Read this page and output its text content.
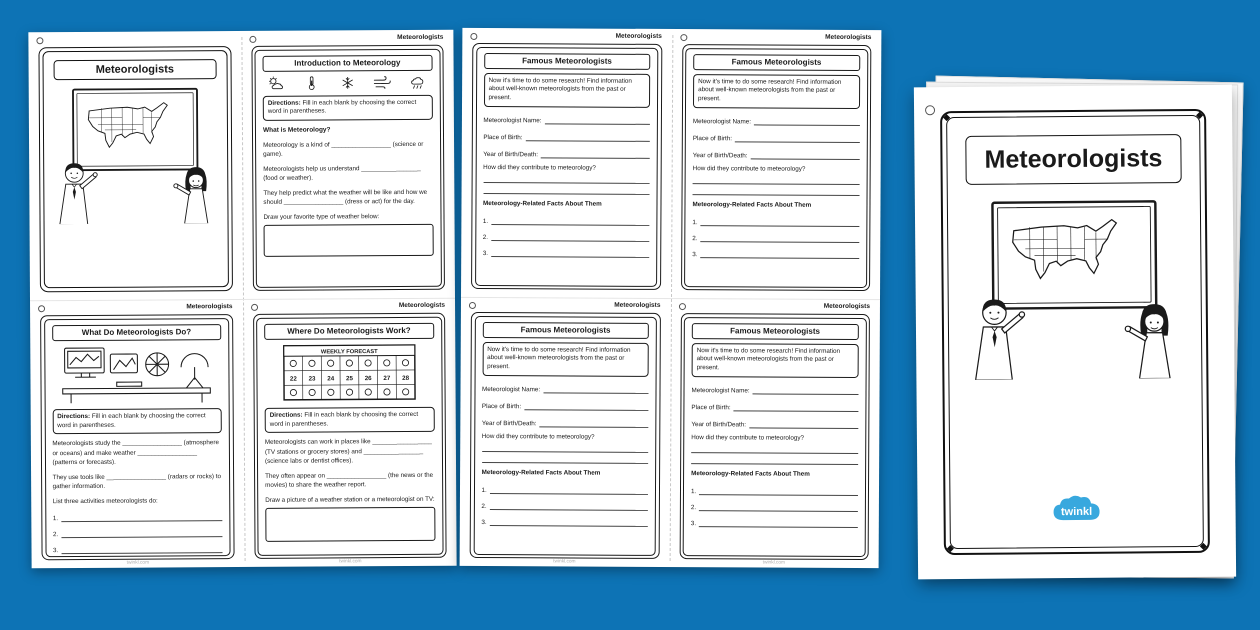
twinkl.com	twinkl.com
Meteorologists
Meteorologists
Introduction to Meteorology
Directions: Fill in each blank by choosing the correct word in parentheses.
What is Meteorology?
Meteorology is a kind of _________________ (science or game).
Meteorologists help us understand _________________ (food or weather).
They help predict what the weather will be like and how we should _________________ (dress or act) for the day.
Draw your favorite type of weather below:
Meteorologists
What Do Meteorologists Do?
Directions: Fill in each blank by choosing the correct word in parentheses.
Meteorologists study the _________________ (atmosphere or oceans) and make weather _________________ (patterns or forecasts).
They use tools like _________________ (radars or rocks) to gather information.
List three activities meteorologists do:
1.
2.
3.
Meteorologists
Where Do Meteorologists Work?
WEEKLY FORECAST
22 23 24 25 26 27 28
Directions: Fill in each blank by choosing the correct word in parentheses.
Meteorologists can work in places like _________________ (TV stations or grocery stores) and _________________ (science labs or dentist offices).
They often appear on _________________ (the news or the movies) to share the weather report.
Draw a picture of a weather station or a meteorologist on TV:
twinkl.com	twinkl.com
Meteorologists
Famous Meteorologists
Now it's time to do some research! Find information about well-known meteorologists from the past or present.
Meteorologist Name:
Place of Birth:
Year of Birth/Death:
How did they contribute to meteorology?
Meteorology-Related Facts About Them
1.
2.
3.
Meteorologists
Famous Meteorologists
Now it's time to do some research! Find information about well-known meteorologists from the past or present.
Meteorologist Name:
Place of Birth:
Year of Birth/Death:
How did they contribute to meteorology?
Meteorology-Related Facts About Them
1.
2.
3.
Meteorologists
Famous Meteorologists
Now it's time to do some research! Find information about well-known meteorologists from the past or present.
Meteorologist Name:
Place of Birth:
Year of Birth/Death:
How did they contribute to meteorology?
Meteorology-Related Facts About Them
1.
2.
3.
Meteorologists
Famous Meteorologists
Now it's time to do some research! Find information about well-known meteorologists from the past or present.
Meteorologist Name:
Place of Birth:
Year of Birth/Death:
How did they contribute to meteorology?
Meteorology-Related Facts About Them
1.
2.
3.
Meteorologists
twinkl
